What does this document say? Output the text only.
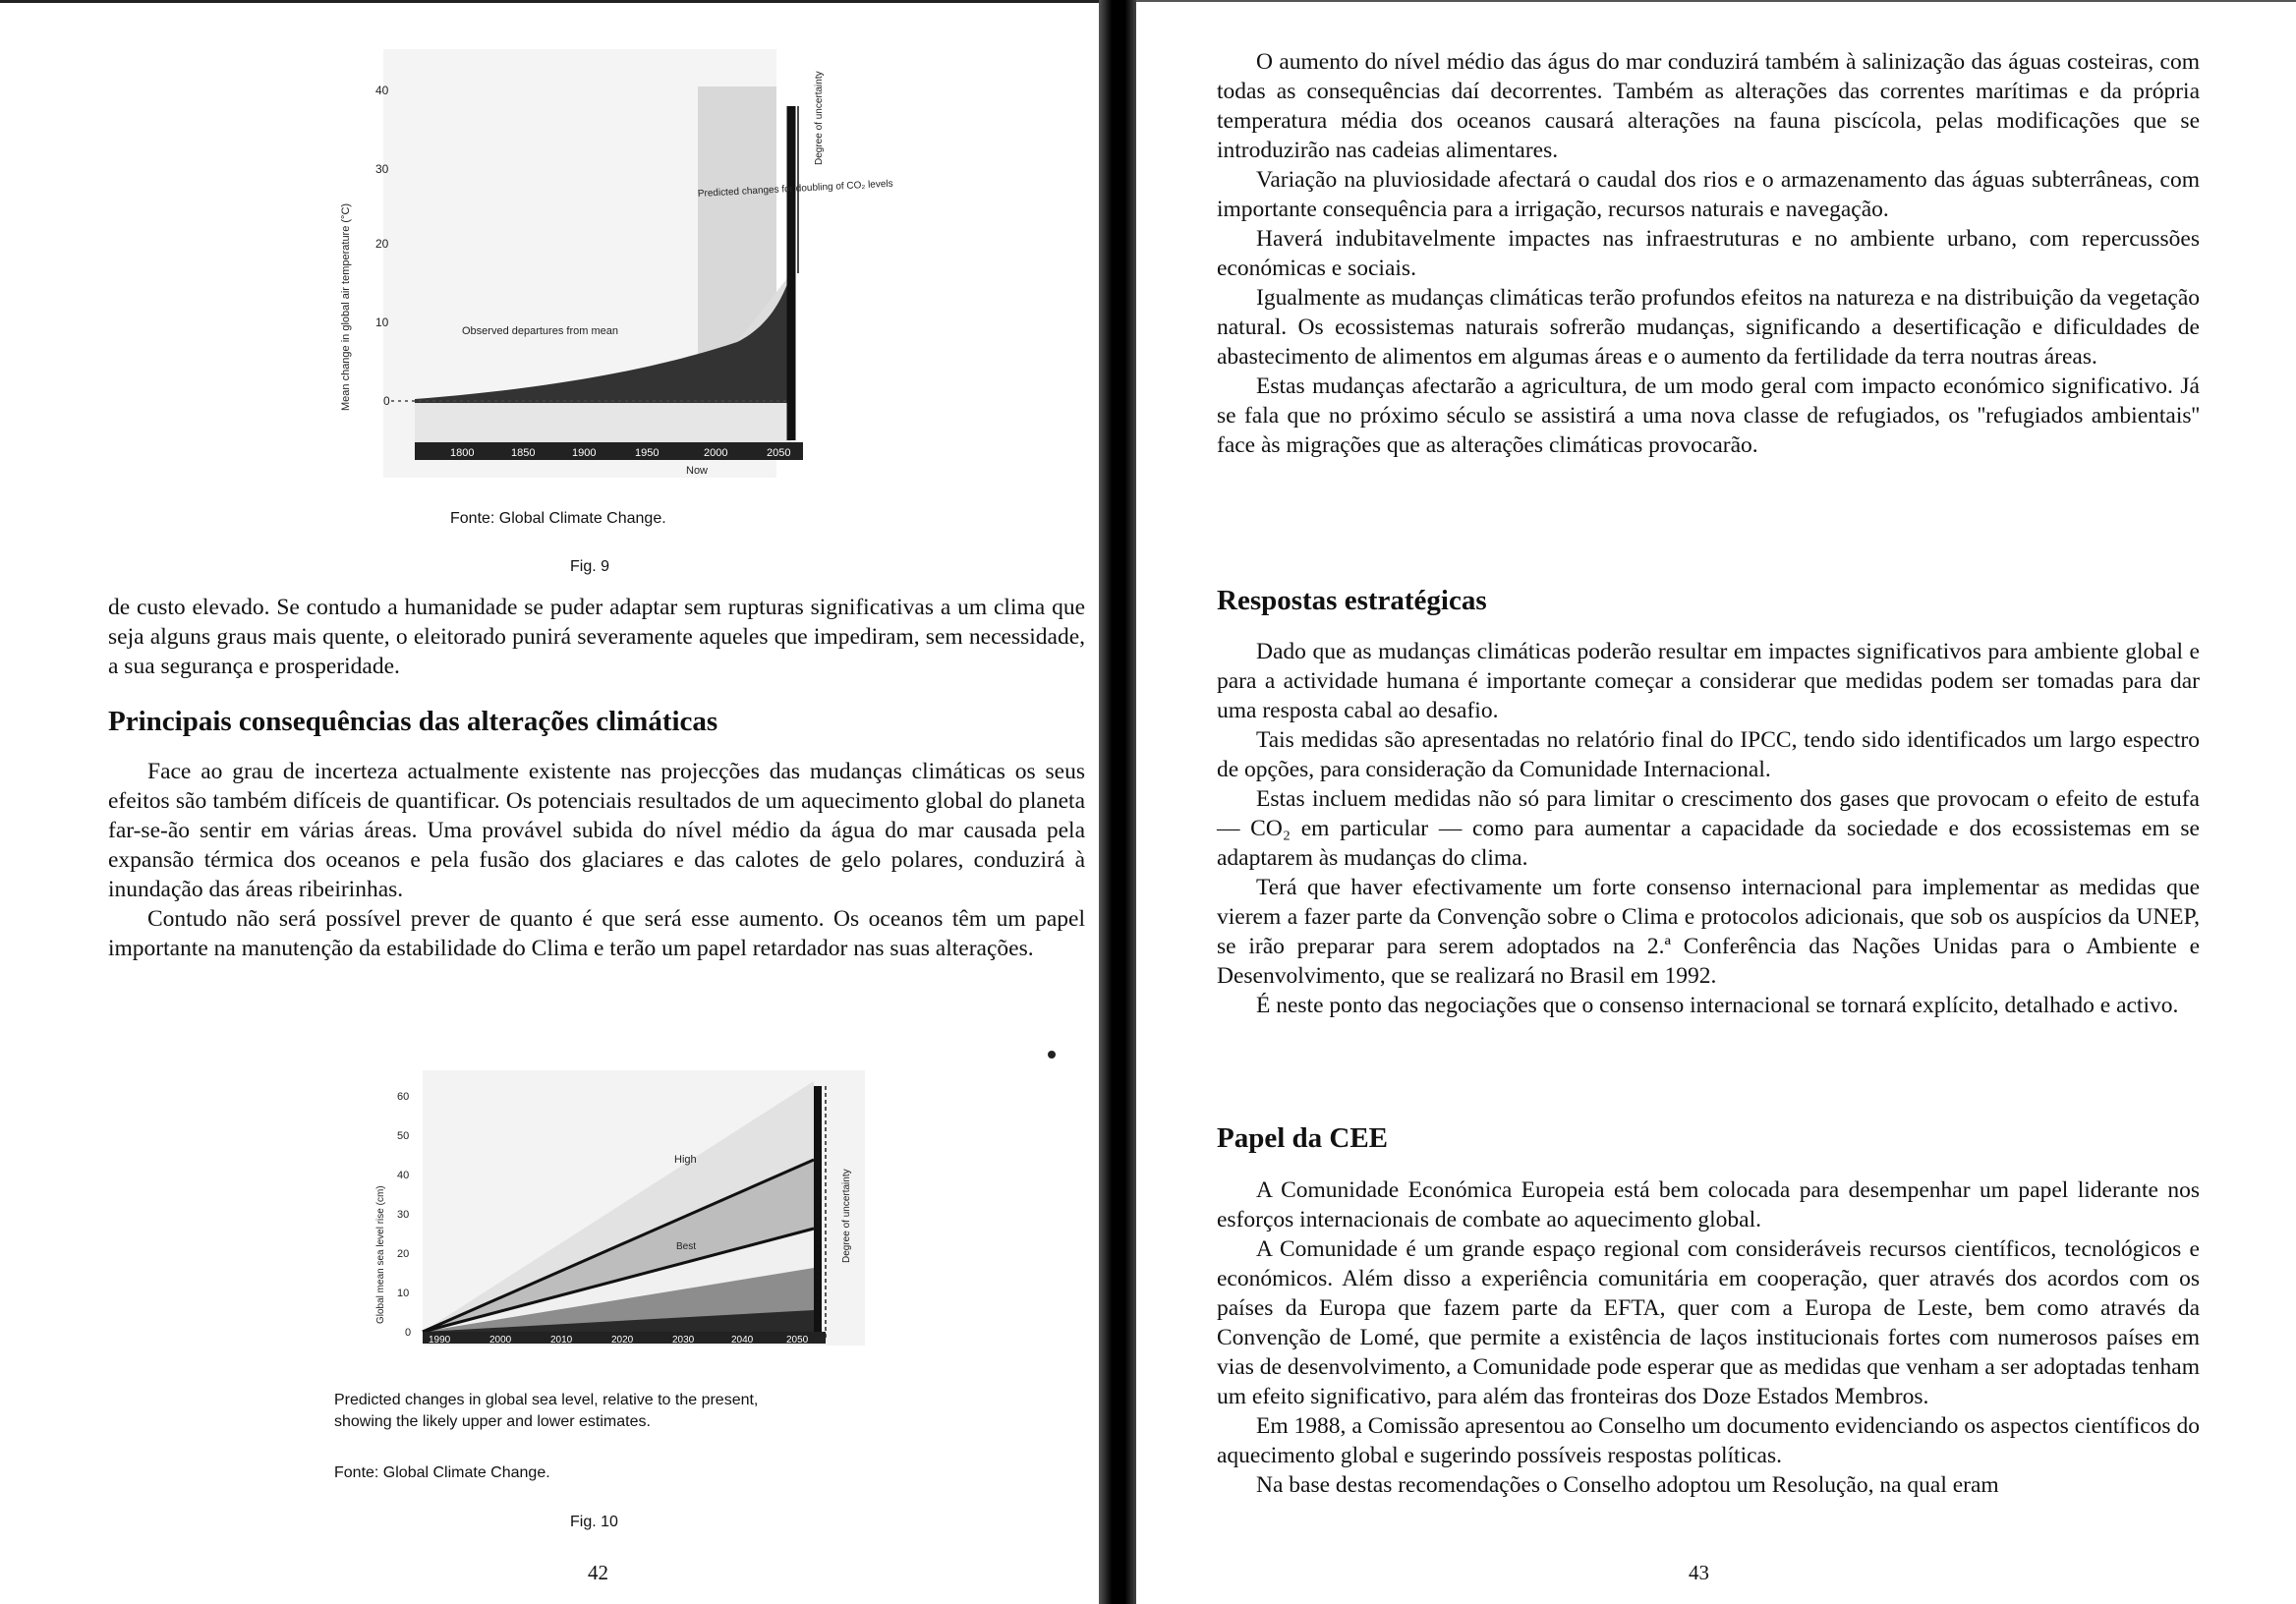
40
30
20
10
0
1800	1850	1900	1950	2000	2050
Now
Observed departures from mean
Predicted changes for doubling of CO₂ levels
Degree of uncertainty
Mean change in global air temperature (°C)
Fonte: Global Climate Change.
Fig. 9

de custo elevado. Se contudo a humanidade se puder adaptar sem rupturas significativas a um clima que seja alguns graus mais quente, o eleitorado punirá severamente aqueles que impediram, sem necessidade, a sua segurança e prosperidade.

Principais consequências das alterações climáticas

Face ao grau de incerteza actualmente existente nas projecções das mudanças climáticas os seus efeitos são também difíceis de quantificar. Os potenciais resultados de um aquecimento global do planeta far-se-ão sentir em várias áreas. Uma provável subida do nível médio da água do mar causada pela expansão térmica dos oceanos e pela fusão dos glaciares e das calotes de gelo polares, conduzirá à inundação das áreas ribeirinhas.

Contudo não será possível prever de quanto é que será esse aumento. Os oceanos têm um papel importante na manutenção da estabilidade do Clima e terão um papel retardador nas suas alterações.

60
50
40
30
20
10
0
1990	2000	2010	2020	2030	2040	2050
High
Best	Degree of uncertainty
Global mean sea level rise (cm)
Predicted changes in global sea level, relative to the present,
showing the likely upper and lower estimates.
Fonte: Global Climate Change.
Fig. 10
42

O aumento do nível médio das águs do mar conduzirá também à salinização das águas costeiras, com todas as consequências daí decorrentes. Também as alterações das correntes marítimas e da própria temperatura média dos oceanos causará alterações na fauna piscícola, pelas modificações que se introduzirão nas cadeias alimentares.

Variação na pluviosidade afectará o caudal dos rios e o armazenamento das águas subterrâneas, com importante consequência para a irrigação, recursos naturais e navegação.

Haverá indubitavelmente impactes nas infraestruturas e no ambiente urbano, com repercussões económicas e sociais.

Igualmente as mudanças climáticas terão profundos efeitos na natureza e na distribuição da vegetação natural. Os ecossistemas naturais sofrerão mudanças, significando a desertificação e dificuldades de abastecimento de alimentos em algumas áreas e o aumento da fertilidade da terra noutras áreas.

Estas mudanças afectarão a agricultura, de um modo geral com impacto económico significativo. Já se fala que no próximo século se assistirá a uma nova classe de refugiados, os ''refugiados ambientais'' face às migrações que as alterações climáticas provocarão.

Respostas estratégicas

Dado que as mudanças climáticas poderão resultar em impactes significativos para ambiente global e para a actividade humana é importante começar a considerar que medidas podem ser tomadas para dar uma resposta cabal ao desafio.

Tais medidas são apresentadas no relatório final do IPCC, tendo sido identificados um largo espectro de opções, para consideração da Comunidade Internacional.

Estas incluem medidas não só para limitar o crescimento dos gases que provocam o efeito de estufa — CO₂ em particular — como para aumentar a capacidade da sociedade e dos ecossistemas em se adaptarem às mudanças do clima.

Terá que haver efectivamente um forte consenso internacional para implementar as medidas que vierem a fazer parte da Convenção sobre o Clima e protocolos adicionais, que sob os auspícios da UNEP, se irão preparar para serem adoptados na 2.ª Conferência das Nações Unidas para o Ambiente e Desenvolvimento, que se realizará no Brasil em 1992.

É neste ponto das negociações que o consenso internacional se tornará explícito, detalhado e activo.

Papel da CEE

A Comunidade Económica Europeia está bem colocada para desempenhar um papel liderante nos esforços internacionais de combate ao aquecimento global.

A Comunidade é um grande espaço regional com consideráveis recursos científicos, tecnológicos e económicos. Além disso a experiência comunitária em cooperação, quer através dos acordos com os países da Europa que fazem parte da EFTA, quer com a Europa de Leste, bem como através da Convenção de Lomé, que permite a existência de laços institucionais fortes com numerosos países em vias de desenvolvimento, a Comunidade pode esperar que as medidas que venham a ser adoptadas tenham um efeito significativo, para além das fronteiras dos Doze Estados Membros.

Em 1988, a Comissão apresentou ao Conselho um documento evidenciando os aspectos científicos do aquecimento global e sugerindo possíveis respostas políticas.

Na base destas recomendações o Conselho adoptou um Resolução, na qual eram

43
